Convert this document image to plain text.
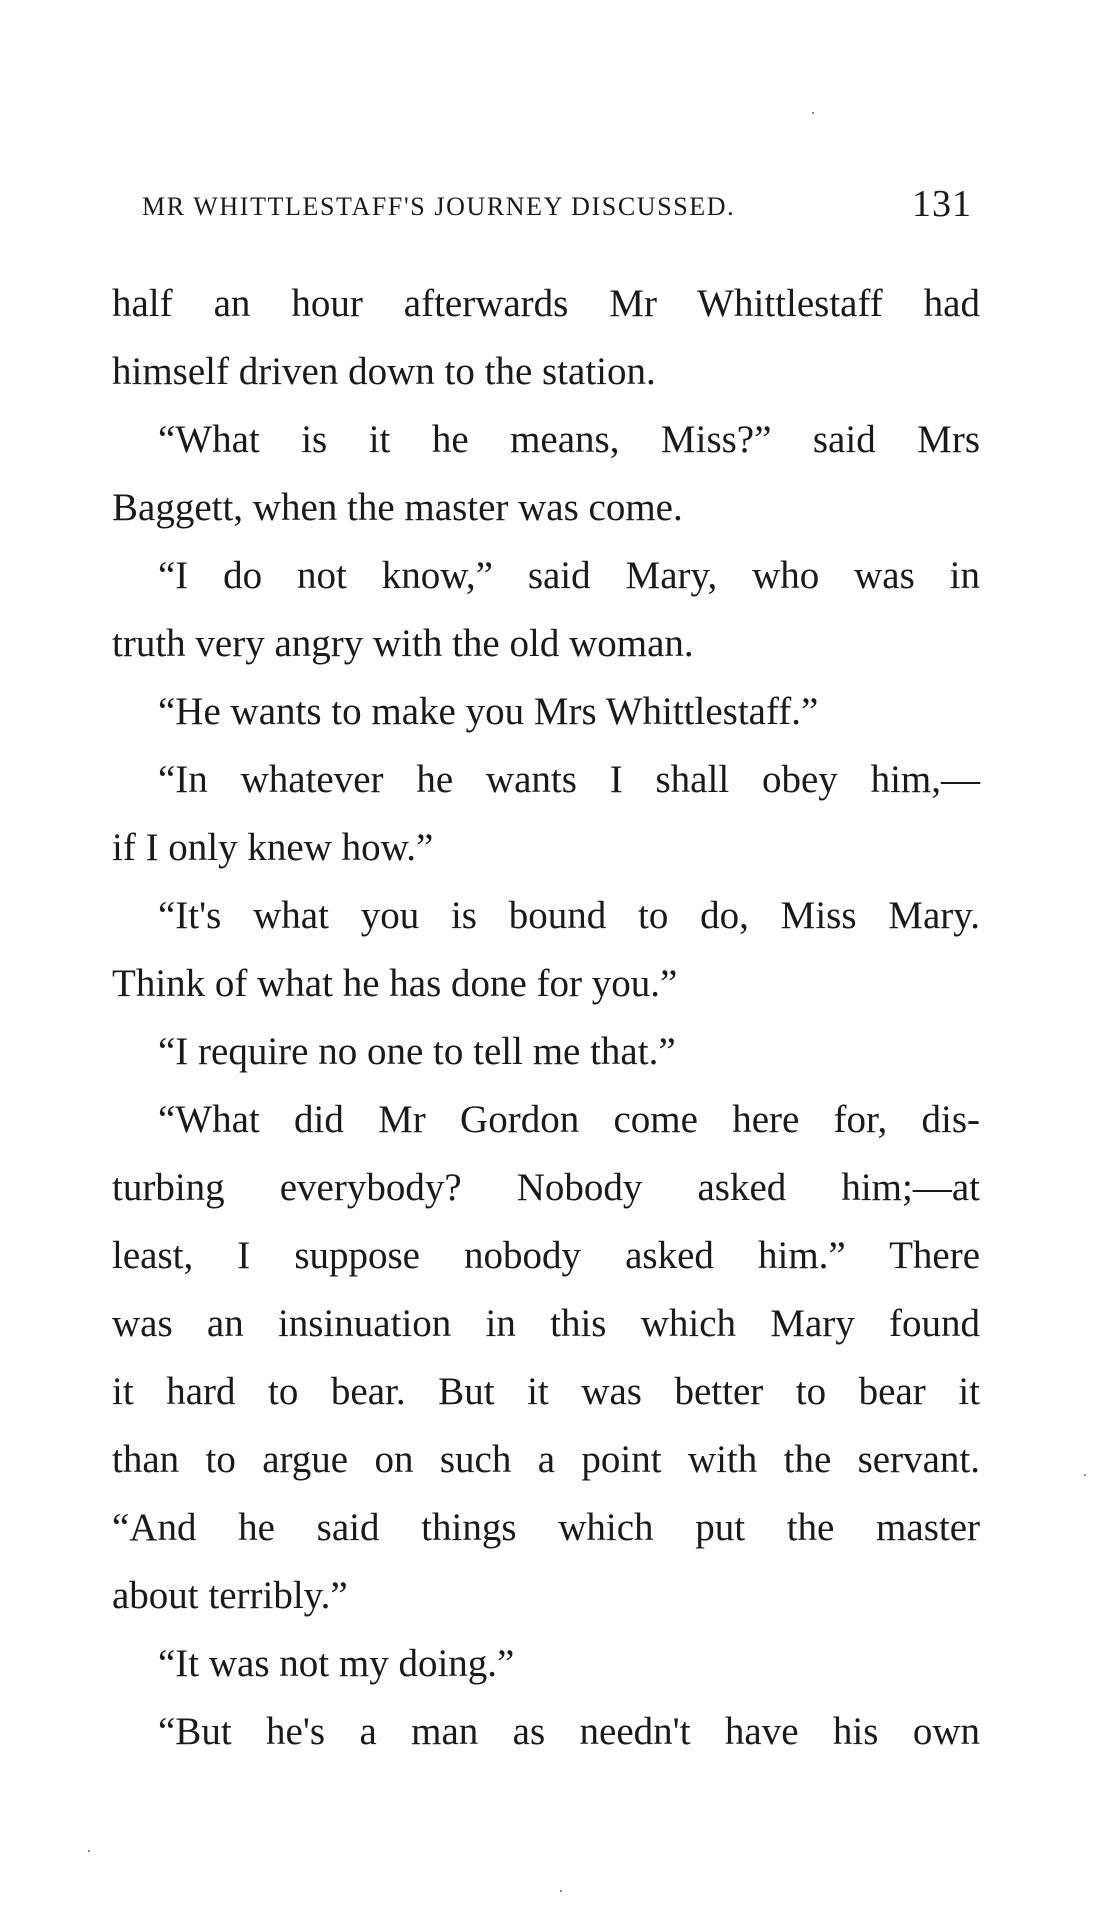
MR WHITTLESTAFF'S JOURNEY DISCUSSED.	131
half an hour afterwards Mr Whittlestaff had
himself driven down to the station.
“What is it he means, Miss?” said Mrs
Baggett, when the master was come.
“I do not know,” said Mary, who was in
truth very angry with the old woman.
“He wants to make you Mrs Whittlestaff.”
“In whatever he wants I shall obey him,—
if I only knew how.”
“It's what you is bound to do, Miss Mary.
Think of what he has done for you.”
“I require no one to tell me that.”
“What did Mr Gordon come here for, dis-
turbing everybody? Nobody asked him;—at
least, I suppose nobody asked him.” There
was an insinuation in this which Mary found
it hard to bear. But it was better to bear it
than to argue on such a point with the servant.
“And he said things which put the master
about terribly.”
“It was not my doing.”
“But he's a man as needn't have his own
